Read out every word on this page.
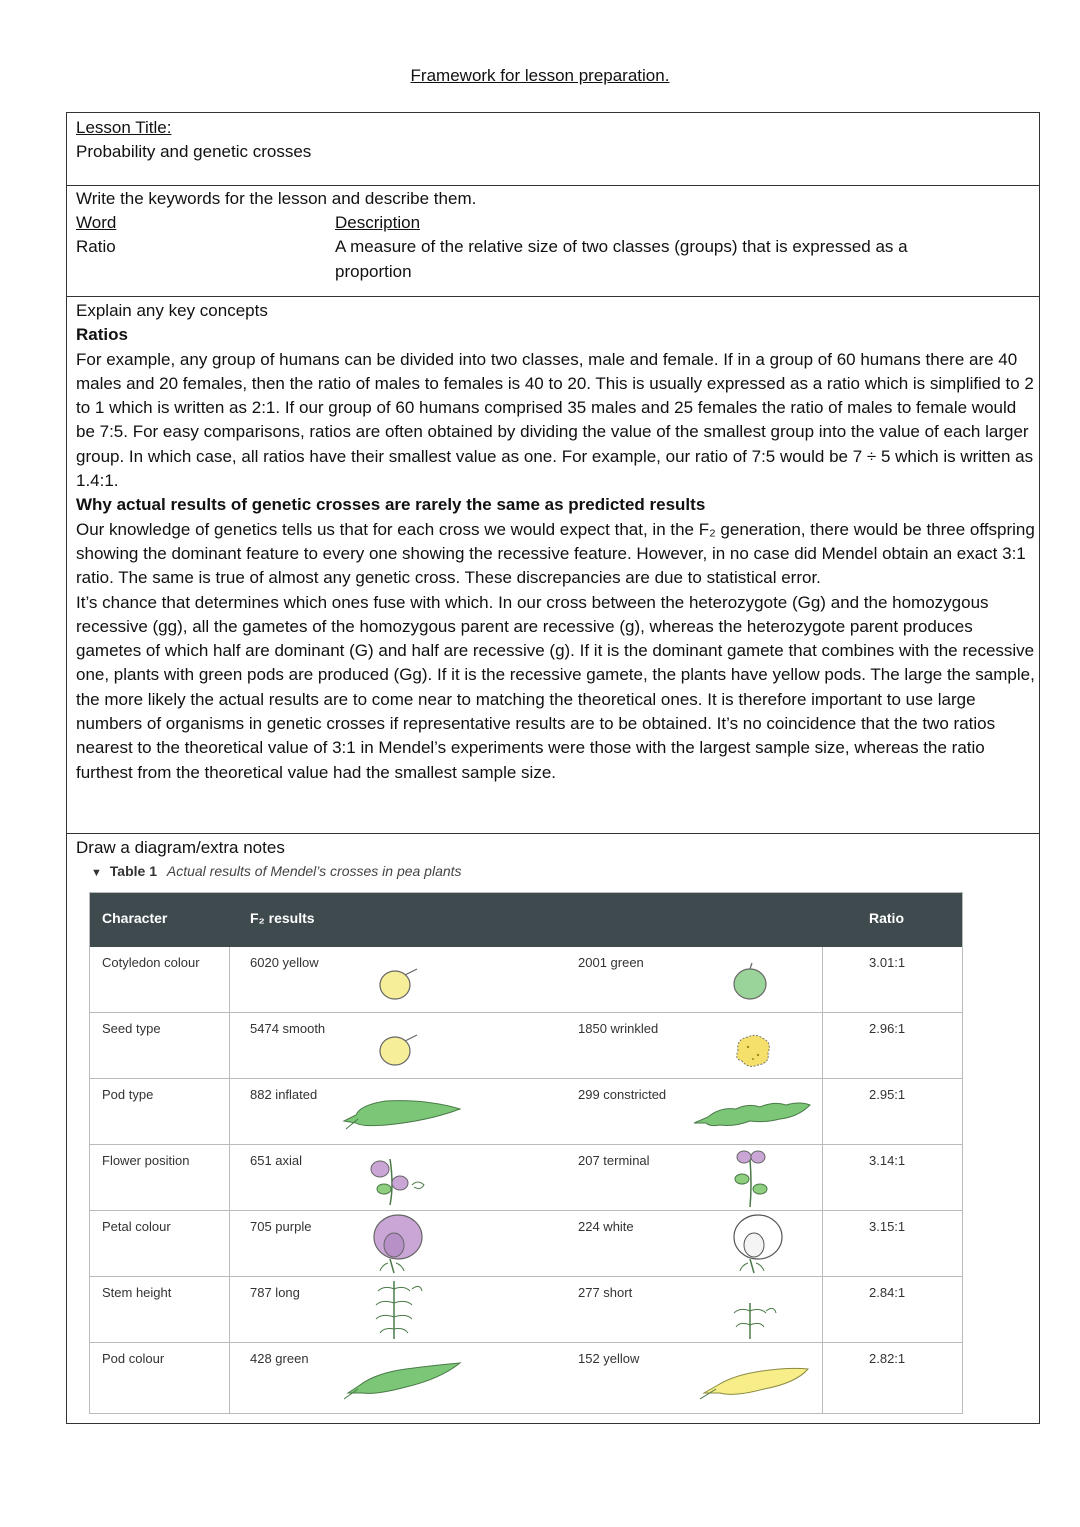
Framework for lesson preparation.

Lesson Title:

Probability and genetic crosses

Write the keywords for the lesson and describe them.

Word	Description
Ratio	A measure of the relative size of two classes (groups) that is expressed as a proportion

Explain any key concepts

Ratios

For example, any group of humans can be divided into two classes, male and female. If in a group of 60 humans there are 40 males and 20 females, then the ratio of males to females is 40 to 20. This is usually expressed as a ratio which is simplified to 2 to 1 which is written as 2:1. If our group of 60 humans comprised 35 males and 25 females the ratio of males to female would be 7:5. For easy comparisons, ratios are often obtained by dividing the value of the smallest group into the value of each larger group. In which case, all ratios have their smallest value as one. For example, our ratio of 7:5 would be 7 ÷ 5 which is written as 1.4:1.

Why actual results of genetic crosses are rarely the same as predicted results

Our knowledge of genetics tells us that for each cross we would expect that, in the F₂ generation, there would be three offspring showing the dominant feature to every one showing the recessive feature. However, in no case did Mendel obtain an exact 3:1 ratio. The same is true of almost any genetic cross. These discrepancies are due to statistical error.

It’s chance that determines which ones fuse with which. In our cross between the heterozygote (Gg) and the homozygous recessive (gg), all the gametes of the homozygous parent are recessive (g), whereas the heterozygote parent produces gametes of which half are dominant (G) and half are recessive (g). If it is the dominant gamete that combines with the recessive one, plants with green pods are produced (Gg). If it is the recessive gamete, the plants have yellow pods. The large the sample, the more likely the actual results are to come near to matching the theoretical ones. It is therefore important to use large numbers of organisms in genetic crosses if representative results are to be obtained. It’s no coincidence that the two ratios nearest to the theoretical value of 3:1 in Mendel’s experiments were those with the largest sample size, whereas the ratio furthest from the theoretical value had the smallest sample size.

Draw a diagram/extra notes

▼ Table 1 Actual results of Mendel’s crosses in pea plants
Character	F₂ results	Ratio
Cotyledon colour	6020 yellow	2001 green	3.01:1
Seed type	5474 smooth	1850 wrinkled	2.96:1
Pod type	882 inflated	299 constricted	2.95:1
Flower position	651 axial	207 terminal	3.14:1
Petal colour	705 purple	224 white	3.15:1
Stem height	787 long	277 short	2.84:1
Pod colour	428 green	152 yellow	2.82:1
